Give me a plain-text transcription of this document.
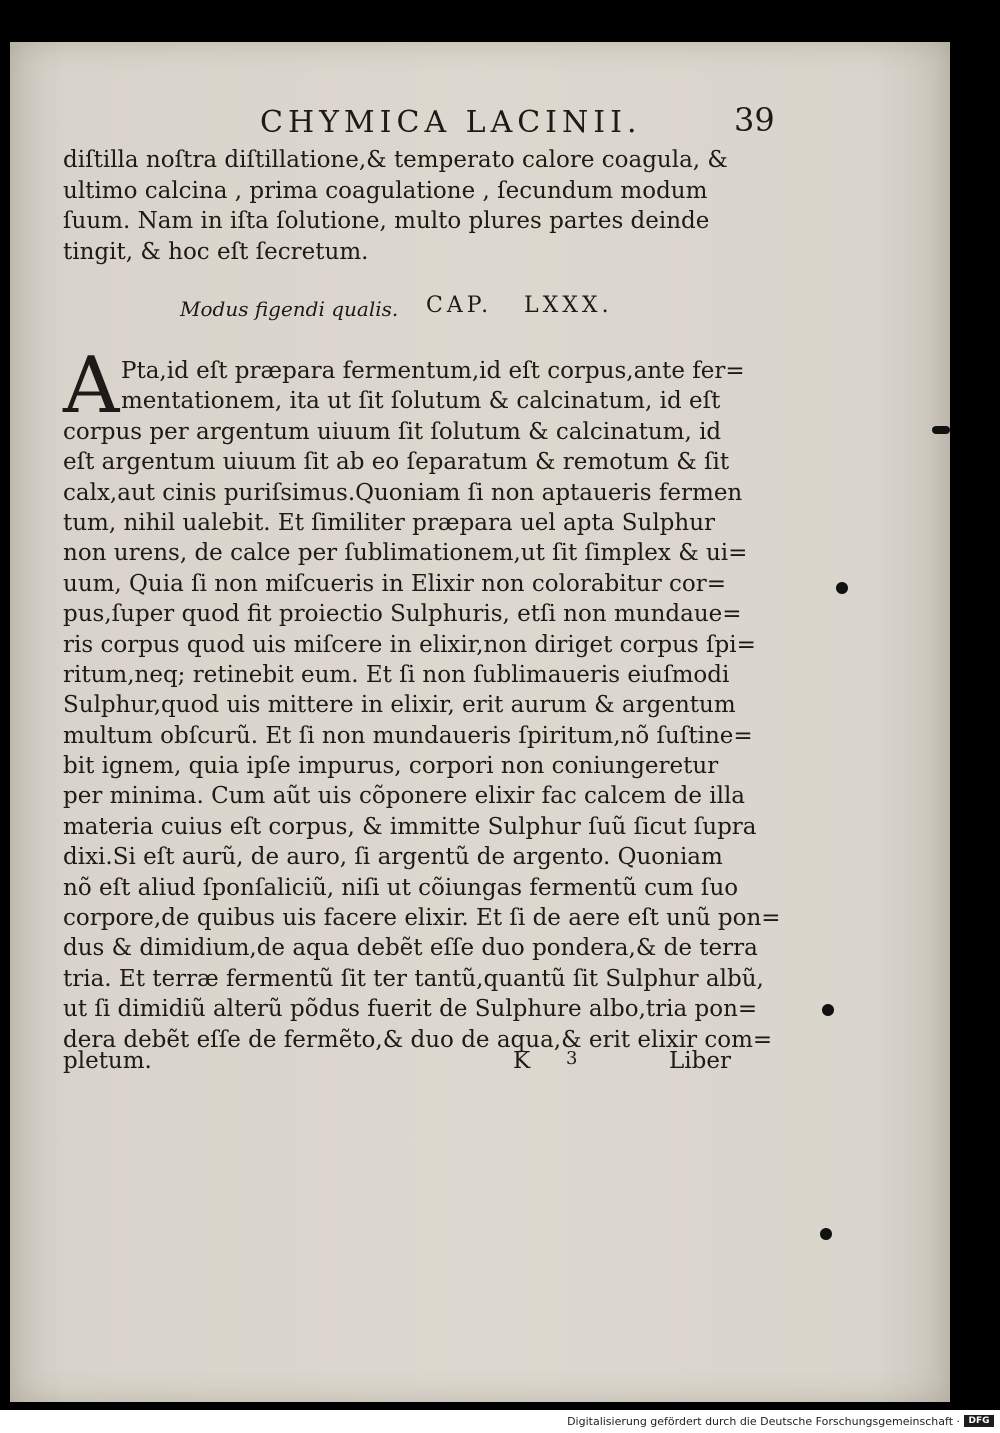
CHYMICA LACINII.	39
diſtilla noſtra diſtillatione,& temperato calore coagula, &
ultimo calcina , prima coagulatione , ſecundum modum
ſuum. Nam in iſta ſolutione, multo plures partes deinde
tingit, & hoc eſt ſecretum.
Modus figendi qualis. CAP. LXXX.
A Pta,id eſt præpara fermentum,id eſt corpus,ante fer=
mentationem, ita ut ſit ſolutum & calcinatum, id eſt
corpus per argentum uiuum ſit ſolutum & calcinatum, id
eſt argentum uiuum ſit ab eo ſeparatum & remotum & ſit
calx,aut cinis puriſsimus.Quoniam ſi non aptaueris fermen
tum, nihil ualebit. Et ſimiliter præpara uel apta Sulphur
non urens, de calce per ſublimationem,ut ſit ſimplex & ui=
uum, Quia ſi non miſcueris in Elixir non colorabitur cor=
pus,ſuper quod fit proiectio Sulphuris, etſi non mundaue=
ris corpus quod uis miſcere in elixir,non diriget corpus ſpi=
ritum,neq; retinebit eum. Et ſi non ſublimaueris eiuſmodi
Sulphur,quod uis mittere in elixir, erit aurum & argentum
multum obſcurũ. Et ſi non mundaueris ſpiritum,nõ ſuſtine=
bit ignem, quia ipſe impurus, corpori non coniungeretur
per minima. Cum aũt uis cõponere elixir fac calcem de illa
materia cuius eſt corpus, & immitte Sulphur ſuũ ſicut ſupra
dixi.Si eſt aurũ, de auro, ſi argentũ de argento. Quoniam
nõ eſt aliud ſponſaliciũ, niſi ut cõiungas fermentũ cum ſuo
corpore,de quibus uis facere elixir. Et ſi de aere eſt unũ pon=
dus & dimidium,de aqua debẽt eſſe duo pondera,& de terra
tria. Et terræ fermentũ ſit ter tantũ,quantũ ſit Sulphur albũ,
ut ſi dimidiũ alterũ põdus fuerit de Sulphure albo,tria pon=
dera debẽt eſſe de fermẽto,& duo de aqua,& erit elixir com=
pletum.	K 3	Liber
Digitalisierung gefördert durch die Deutsche Forschungsgemeinschaft · DFG
